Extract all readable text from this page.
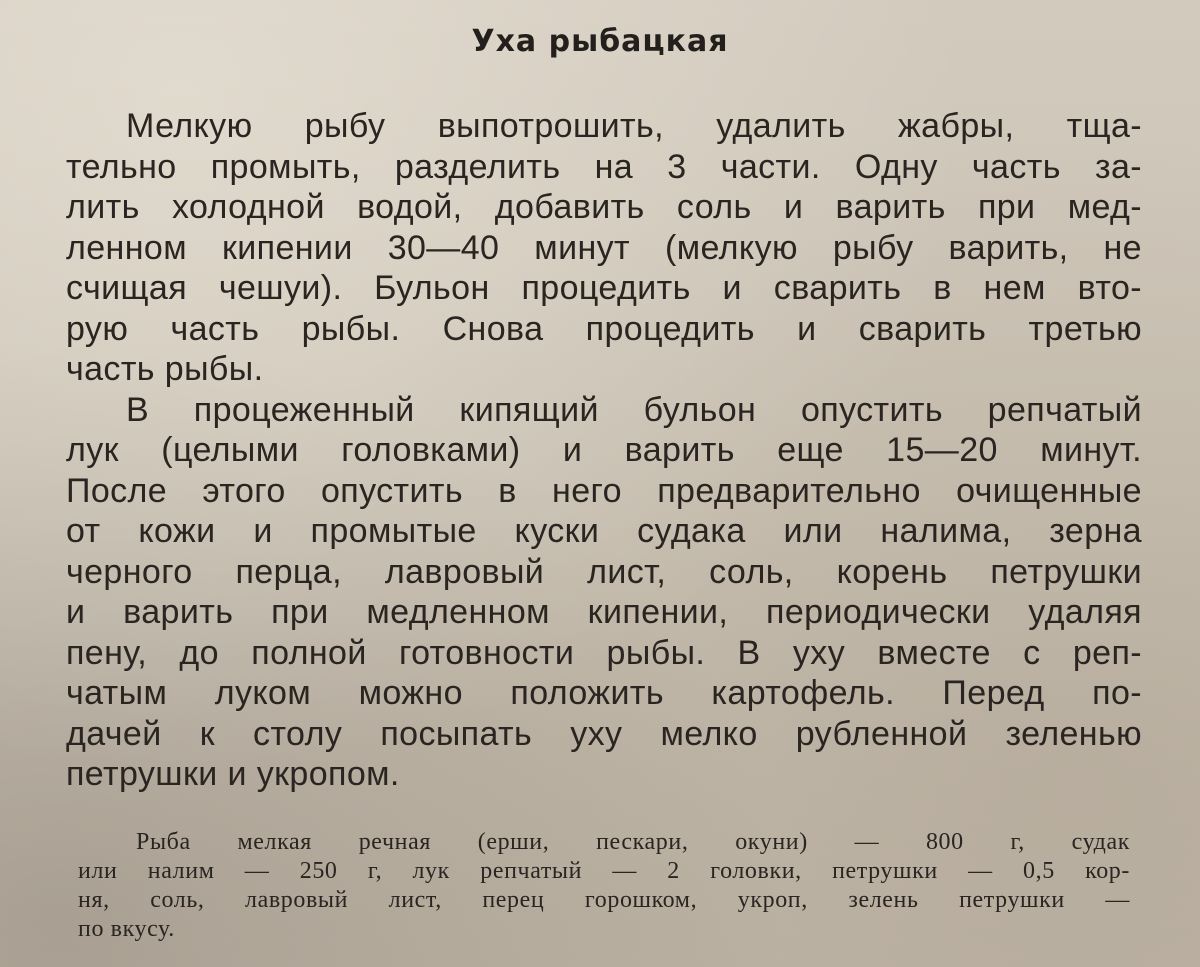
Уха рыбацкая
Мелкую рыбу выпотрошить, удалить жабры, тща-
тельно промыть, разделить на 3 части. Одну часть за-
лить холодной водой, добавить соль и варить при мед-
ленном кипении 30—40 минут (мелкую рыбу варить, не
счищая чешуи). Бульон процедить и сварить в нем вто-
рую часть рыбы. Снова процедить и сварить третью
часть рыбы.
В процеженный кипящий бульон опустить репчатый
лук (целыми головками) и варить еще 15—20 минут.
После этого опустить в него предварительно очищенные
от кожи и промытые куски судака или налима, зерна
черного перца, лавровый лист, соль, корень петрушки
и варить при медленном кипении, периодически удаляя
пену, до полной готовности рыбы. В уху вместе с реп-
чатым луком можно положить картофель. Перед по-
дачей к столу посыпать уху мелко рубленной зеленью
петрушки и укропом.
Рыба мелкая речная (ерши, пескари, окуни) — 800 г, судак
или налим — 250 г, лук репчатый — 2 головки, петрушки — 0,5 кор-
ня, соль, лавровый лист, перец горошком, укроп, зелень петрушки —
по вкусу.
